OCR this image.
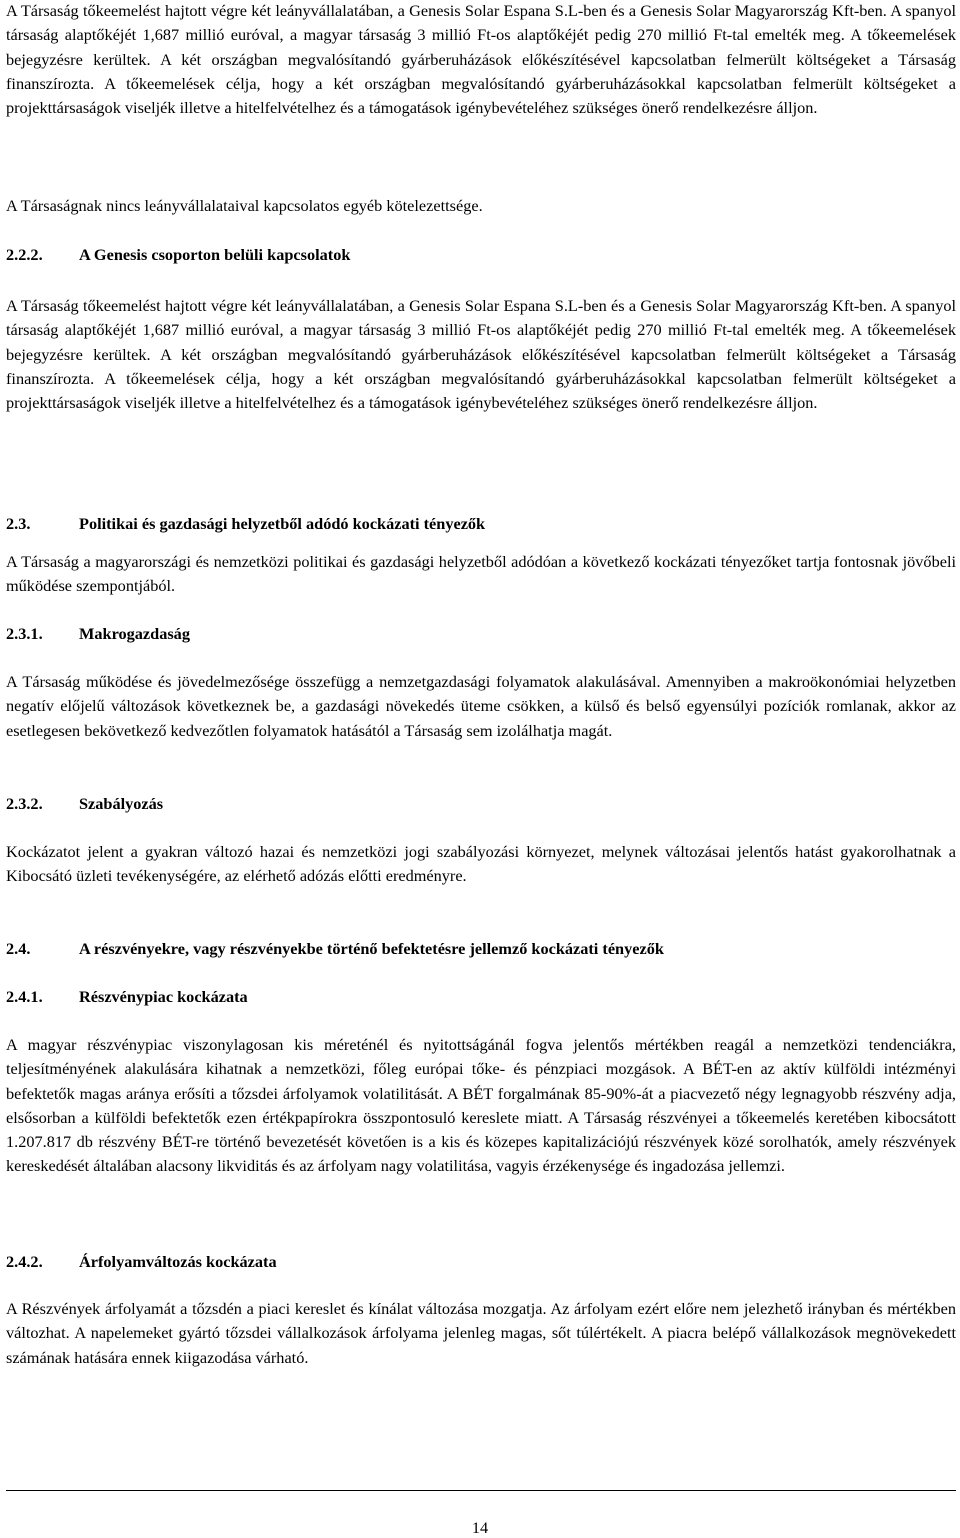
A Társaság tőkeemelést hajtott végre két leányvállalatában, a Genesis Solar Espana S.L-ben és a Genesis Solar Magyarország Kft-ben. A spanyol társaság alaptőkéjét 1,687 millió euróval, a magyar társaság 3 millió Ft-os alaptőkéjét pedig 270 millió Ft-tal emelték meg. A tőkeemelések bejegyzésre kerültek. A két országban megvalósítandó gyárberuházások előkészítésével kapcsolatban felmerült költségeket a Társaság finanszírozta. A tőkeemelések célja, hogy a két országban megvalósítandó gyárberuházásokkal kapcsolatban felmerült költségeket a projekttársaságok viseljék illetve a hitelfelvételhez és a támogatások igénybevételéhez szükséges önerő rendelkezésre álljon.

A Társaságnak nincs leányvállalataival kapcsolatos egyéb kötelezettsége.

2.2.2.	A Genesis csoporton belüli kapcsolatok

A Társaság tőkeemelést hajtott végre két leányvállalatában, a Genesis Solar Espana S.L-ben és a Genesis Solar Magyarország Kft-ben. A spanyol társaság alaptőkéjét 1,687 millió euróval, a magyar társaság 3 millió Ft-os alaptőkéjét pedig 270 millió Ft-tal emelték meg. A tőkeemelések bejegyzésre kerültek. A két országban megvalósítandó gyárberuházások előkészítésével kapcsolatban felmerült költségeket a Társaság finanszírozta. A tőkeemelések célja, hogy a két országban megvalósítandó gyárberuházásokkal kapcsolatban felmerült költségeket a projekttársaságok viseljék illetve a hitelfelvételhez és a támogatások igénybevételéhez szükséges önerő rendelkezésre álljon.

2.3.	Politikai és gazdasági helyzetből adódó kockázati tényezők

A Társaság a magyarországi és nemzetközi politikai és gazdasági helyzetből adódóan a következő kockázati tényezőket tartja fontosnak jövőbeli működése szempontjából.

2.3.1.	Makrogazdaság

A Társaság működése és jövedelmezősége összefügg a nemzetgazdasági folyamatok alakulásával. Amennyiben a makroökonómiai helyzetben negatív előjelű változások következnek be, a gazdasági növekedés üteme csökken, a külső és belső egyensúlyi pozíciók romlanak, akkor az esetlegesen bekövetkező kedvezőtlen folyamatok hatásától a Társaság sem izolálhatja magát.

2.3.2.	Szabályozás

Kockázatot jelent a gyakran változó hazai és nemzetközi jogi szabályozási környezet, melynek változásai jelentős hatást gyakorolhatnak a Kibocsátó üzleti tevékenységére, az elérhető adózás előtti eredményre.

2.4.	A részvényekre, vagy részvényekbe történő befektetésre jellemző kockázati tényezők
2.4.1.	Részvénypiac kockázata

A magyar részvénypiac viszonylagosan kis méreténél és nyitottságánál fogva jelentős mértékben reagál a nemzetközi tendenciákra, teljesítményének alakulására kihatnak a nemzetközi, főleg európai tőke- és pénzpiaci mozgások. A BÉT-en az aktív külföldi intézményi befektetők magas aránya erősíti a tőzsdei árfolyamok volatilitását. A BÉT forgalmának 85-90%-át a piacvezető négy legnagyobb részvény adja, elsősorban a külföldi befektetők ezen értékpapírokra összpontosuló kereslete miatt. A Társaság részvényei a tőkeemelés keretében kibocsátott 1.207.817 db részvény BÉT-re történő bevezetését követően is a kis és közepes kapitalizációjú részvények közé sorolhatók, amely részvények kereskedését általában alacsony likviditás és az árfolyam nagy volatilitása, vagyis érzékenysége és ingadozása jellemzi.

2.4.2.	Árfolyamváltozás kockázata

A Részvények árfolyamát a tőzsdén a piaci kereslet és kínálat változása mozgatja. Az árfolyam ezért előre nem jelezhető irányban és mértékben változhat. A napelemeket gyártó tőzsdei vállalkozások árfolyama jelenleg magas, sőt túlértékelt. A piacra belépő vállalkozások megnövekedett számának hatására ennek kiigazodása várható.

14
